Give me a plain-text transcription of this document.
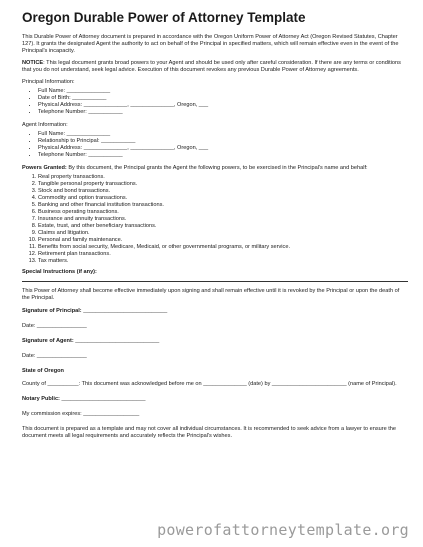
Oregon Durable Power of Attorney Template

This Durable Power of Attorney document is prepared in accordance with the Oregon Uniform Power of Attorney Act (Oregon Revised Statutes, Chapter 127). It grants the designated Agent the authority to act on behalf of the Principal in specified matters, which will remain effective even in the event of the Principal's incapacity.

NOTICE: This legal document grants broad powers to your Agent and should be used only after careful consideration. If there are any terms or conditions that you do not understand, seek legal advice. Execution of this document revokes any previous Durable Power of Attorney agreements.

Principal Information:

• Full Name: ______________
• Date of Birth: ___________
• Physical Address: ______________, ______________, Oregon, ___
• Telephone Number: ___________

Agent Information:

• Full Name: ______________
• Relationship to Principal: ___________
• Physical Address: ______________, ______________, Oregon, ___
• Telephone Number: ___________

Powers Granted: By this document, the Principal grants the Agent the following powers, to be exercised in the Principal's name and behalf:

1. Real property transactions.
2. Tangible personal property transactions.
3. Stock and bond transactions.
4. Commodity and option transactions.
5. Banking and other financial institution transactions.
6. Business operating transactions.
7. Insurance and annuity transactions.
8. Estate, trust, and other beneficiary transactions.
9. Claims and litigation.
10. Personal and family maintenance.
11. Benefits from social security, Medicare, Medicaid, or other governmental programs, or military service.
12. Retirement plan transactions.
13. Tax matters.

Special Instructions (if any):

This Power of Attorney shall become effective immediately upon signing and shall remain effective until it is revoked by the Principal or upon the death of the Principal.

Signature of Principal: ___________________________

Date: ________________

Signature of Agent: ___________________________

Date: ________________

State of Oregon

County of __________: This document was acknowledged before me on ______________ (date) by ________________________ (name of Principal).

Notary Public: ___________________________

My commission expires: __________________

This document is prepared as a template and may not cover all individual circumstances. It is recommended to seek advice from a lawyer to ensure the document meets all legal requirements and accurately reflects the Principal's wishes.

powerofattorneytemplate.org
